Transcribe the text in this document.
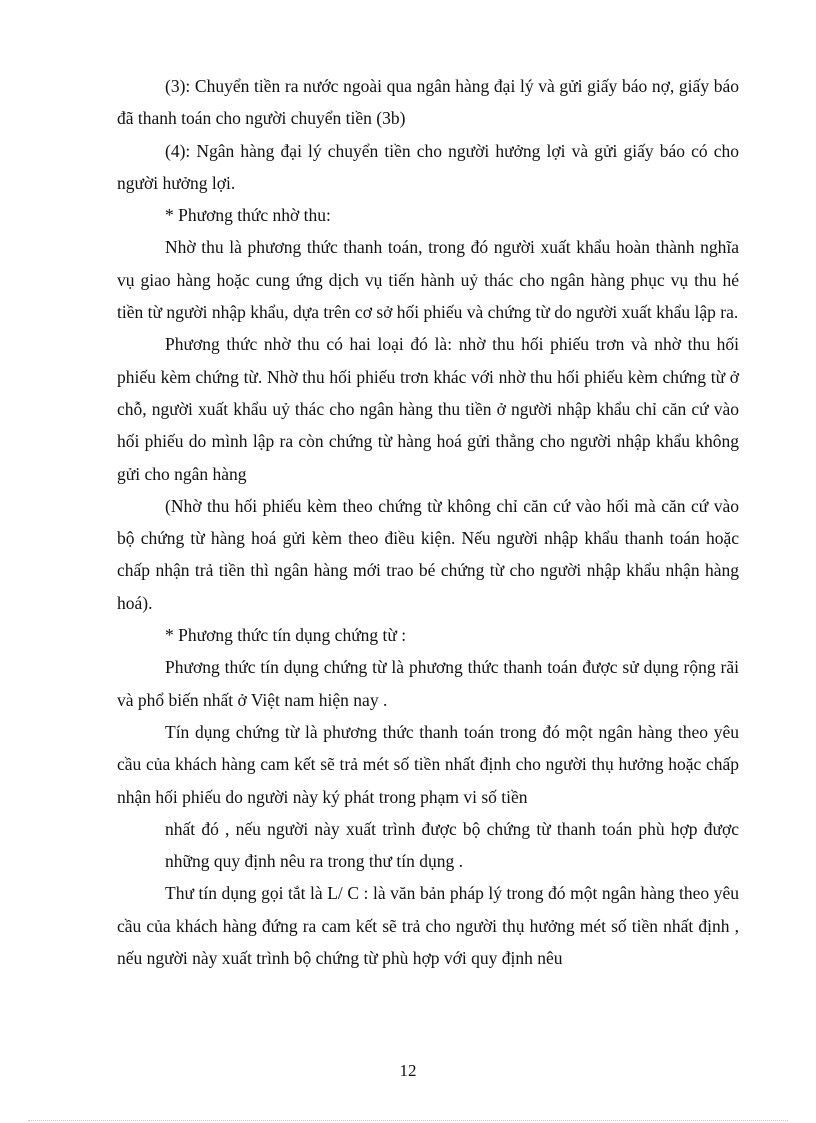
(3): Chuyển tiền ra nước ngoài qua ngân hàng đại lý và gửi giấy báo nợ, giấy báo đã thanh toán cho người chuyển tiền (3b)

(4): Ngân hàng đại lý chuyển tiền cho người hưởng lợi và gửi giấy báo có cho người hưởng lợi.

* Phương thức nhờ thu:

Nhờ thu là phương thức thanh toán, trong đó người xuất khẩu hoàn thành nghĩa vụ giao hàng hoặc cung ứng dịch vụ tiến hành uỷ thác cho ngân hàng phục vụ thu hé tiền từ người nhập khẩu, dựa trên cơ sở hối phiếu và chứng từ do người xuất khẩu lập ra.

Phương thức nhờ thu có hai loại đó là: nhờ thu hối phiếu trơn và nhờ thu hối phiếu kèm chứng từ. Nhờ thu hối phiếu trơn khác với nhờ thu hối phiếu kèm chứng từ ở chỗ, người xuất khẩu uỷ thác cho ngân hàng thu tiền ở người nhập khẩu chỉ căn cứ vào hối phiếu do mình lập ra còn chứng từ hàng hoá gửi thẳng cho người nhập khẩu không gửi cho ngân hàng

(Nhờ thu hối phiếu kèm theo chứng từ không chỉ căn cứ vào hối mà căn cứ vào bộ chứng từ hàng hoá gửi kèm theo điều kiện. Nếu người nhập khẩu thanh toán hoặc chấp nhận trả tiền thì ngân hàng mới trao bé chứng từ cho người nhập khẩu nhận hàng hoá).

* Phương thức tín dụng chứng từ :

Phương thức tín dụng chứng từ là phương thức thanh toán được sử dụng rộng rãi và phổ biến nhất ở Việt nam hiện nay .

Tín dụng chứng từ là phương thức thanh toán trong đó một ngân hàng theo yêu cầu của khách hàng cam kết sẽ trả mét số tiền nhất định cho người thụ hưởng hoặc chấp nhận hối phiếu do người này ký phát trong phạm vi số tiền

nhất đó , nếu người này xuất trình được bộ chứng từ thanh toán phù hợp được những quy định nêu ra trong thư tín dụng .

Thư tín dụng gọi tắt là L/ C : là văn bản pháp lý trong đó một ngân hàng theo yêu cầu của khách hàng đứng ra cam kết sẽ trả cho người thụ hưởng mét số tiền nhất định , nếu người này xuất trình bộ chứng từ phù hợp với quy định nêu

12
